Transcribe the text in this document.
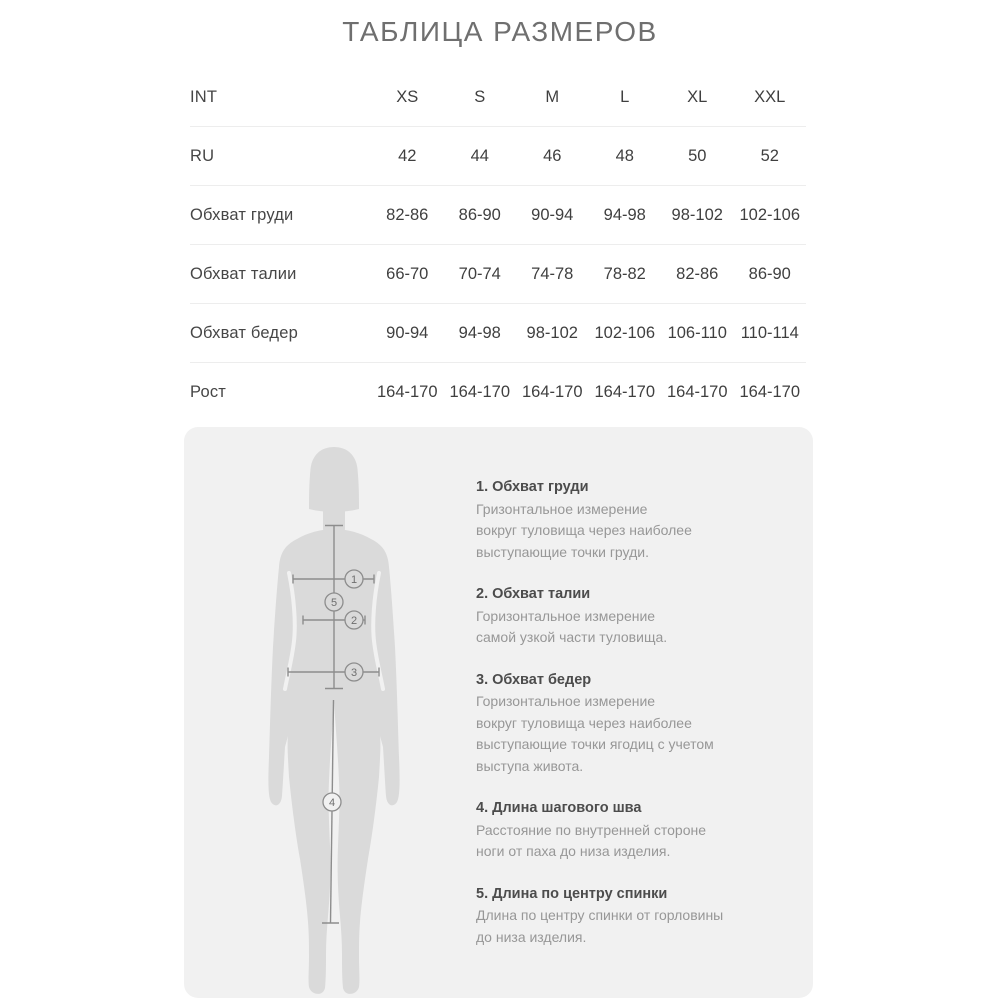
ТАБЛИЦА РАЗМЕРОВ
INT	XS	S	M	L	XL	XXL
RU	42	44	46	48	50	52
Обхват груди	82-86	86-90	90-94	94-98	98-102	102-106
Обхват талии	66-70	70-74	74-78	78-82	82-86	86-90
Обхват бедер	90-94	94-98	98-102	102-106 106-110 110-114
Рост	164-170 164-170 164-170 164-170 164-170 164-170
1
5
2
3
4
1. Обхват груди
Гризонтальное измерение
вокруг туловища через наиболее
выступающие точки груди.
2. Обхват талии
Горизонтальное измерение
самой узкой части туловища.
3. Обхват бедер
Горизонтальное измерение
вокруг туловища через наиболее
выступающие точки ягодиц с учетом
выступа живота.
4. Длина шагового шва
Расстояние по внутренней стороне
ноги от паха до низа изделия.
5. Длина по центру спинки
Длина по центру спинки от горловины
до низа изделия.
